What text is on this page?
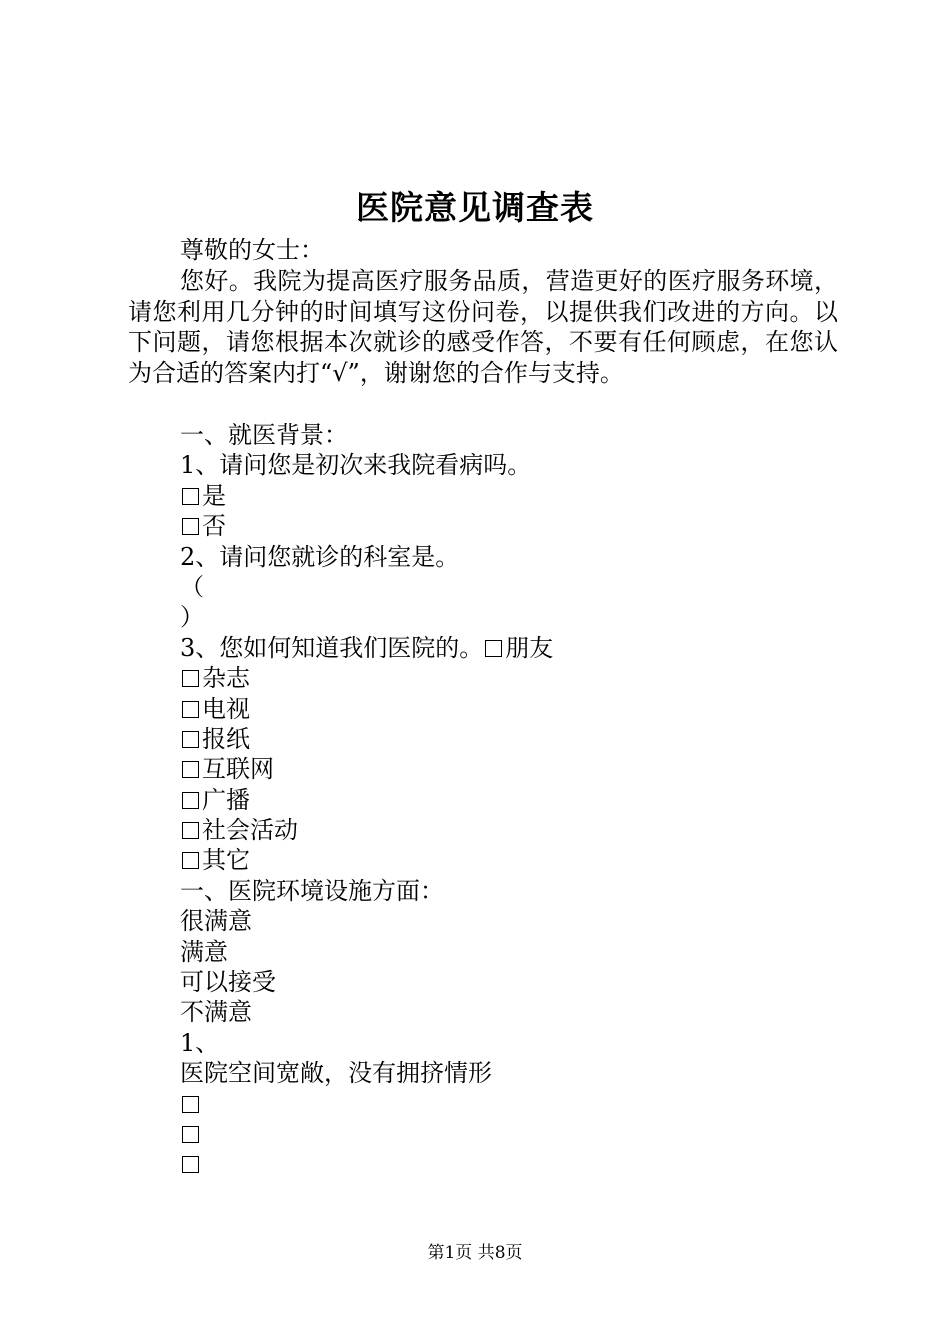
医院意见调查表
尊敬的女士：
您好。我院为提高医疗服务品质，营造更好的医疗服务环境，请您利用几分钟的时间填写这份问卷，以提供我们改进的方向。以下问题，请您根据本次就诊的感受作答，不要有任何顾虑，在您认为合适的答案内打“√”，谢谢您的合作与支持。
一、就医背景：
1、请问您是初次来我院看病吗。
是
否
2、请问您就诊的科室是。
（
）
3、您如何知道我们医院的。 朋友
杂志
电视
报纸
互联网
广播
社会活动
其它
一、医院环境设施方面：
很满意
满意
可以接受
不满意
1、
医院空间宽敞，没有拥挤情形
第1页 共8页
